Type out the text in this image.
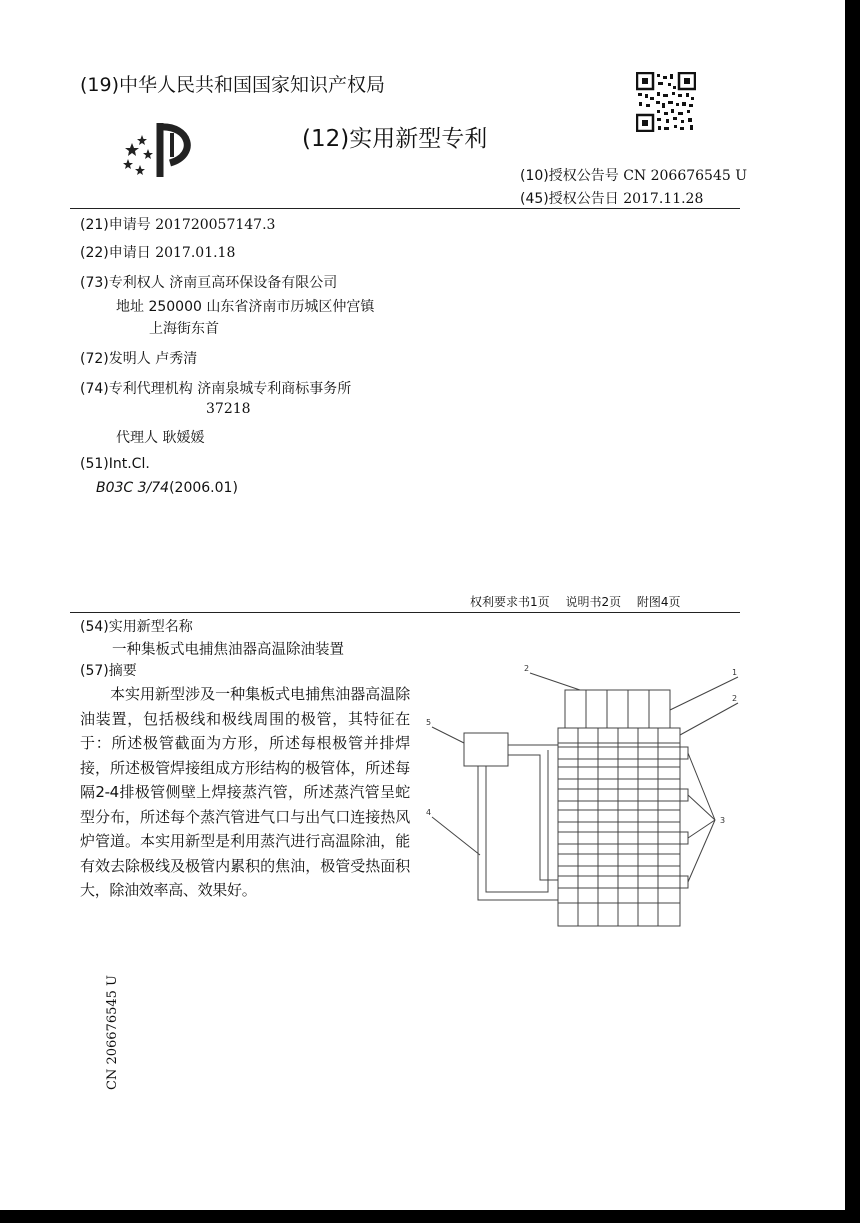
(19)中华人民共和国国家知识产权局
(12)实用新型专利
(10)授权公告号 CN 206676545 U
(45)授权公告日 2017.11.28
(21)申请号 201720057147.3
(22)申请日 2017.01.18
(73)专利权人 济南亘高环保设备有限公司
地址 250000 山东省济南市历城区仲宫镇
上海街东首
(72)发明人 卢秀清
(74)专利代理机构 济南泉城专利商标事务所
37218
代理人 耿媛媛
(51)Int.Cl.
B03C 3/74(2006.01)
权利要求书1页 说明书2页 附图4页
(54)实用新型名称
一种集板式电捕焦油器高温除油装置
(57)摘要
本实用新型涉及一种集板式电捕焦油器高温除油装置，包括极线和极线周围的极管，其特征在于：所述极管截面为方形，所述每根极管并排焊接，所述极管焊接组成方形结构的极管体，所述每隔2-4排极管侧壁上焊接蒸汽管，所述蒸汽管呈蛇型分布，所述每个蒸汽管进气口与出气口连接热风炉管道。本实用新型是利用蒸汽进行高温除油，能有效去除极线及极管内累积的焦油，极管受热面积大，除油效率高、效果好。
2	1
2
5
4
3
CN 206676545 U
